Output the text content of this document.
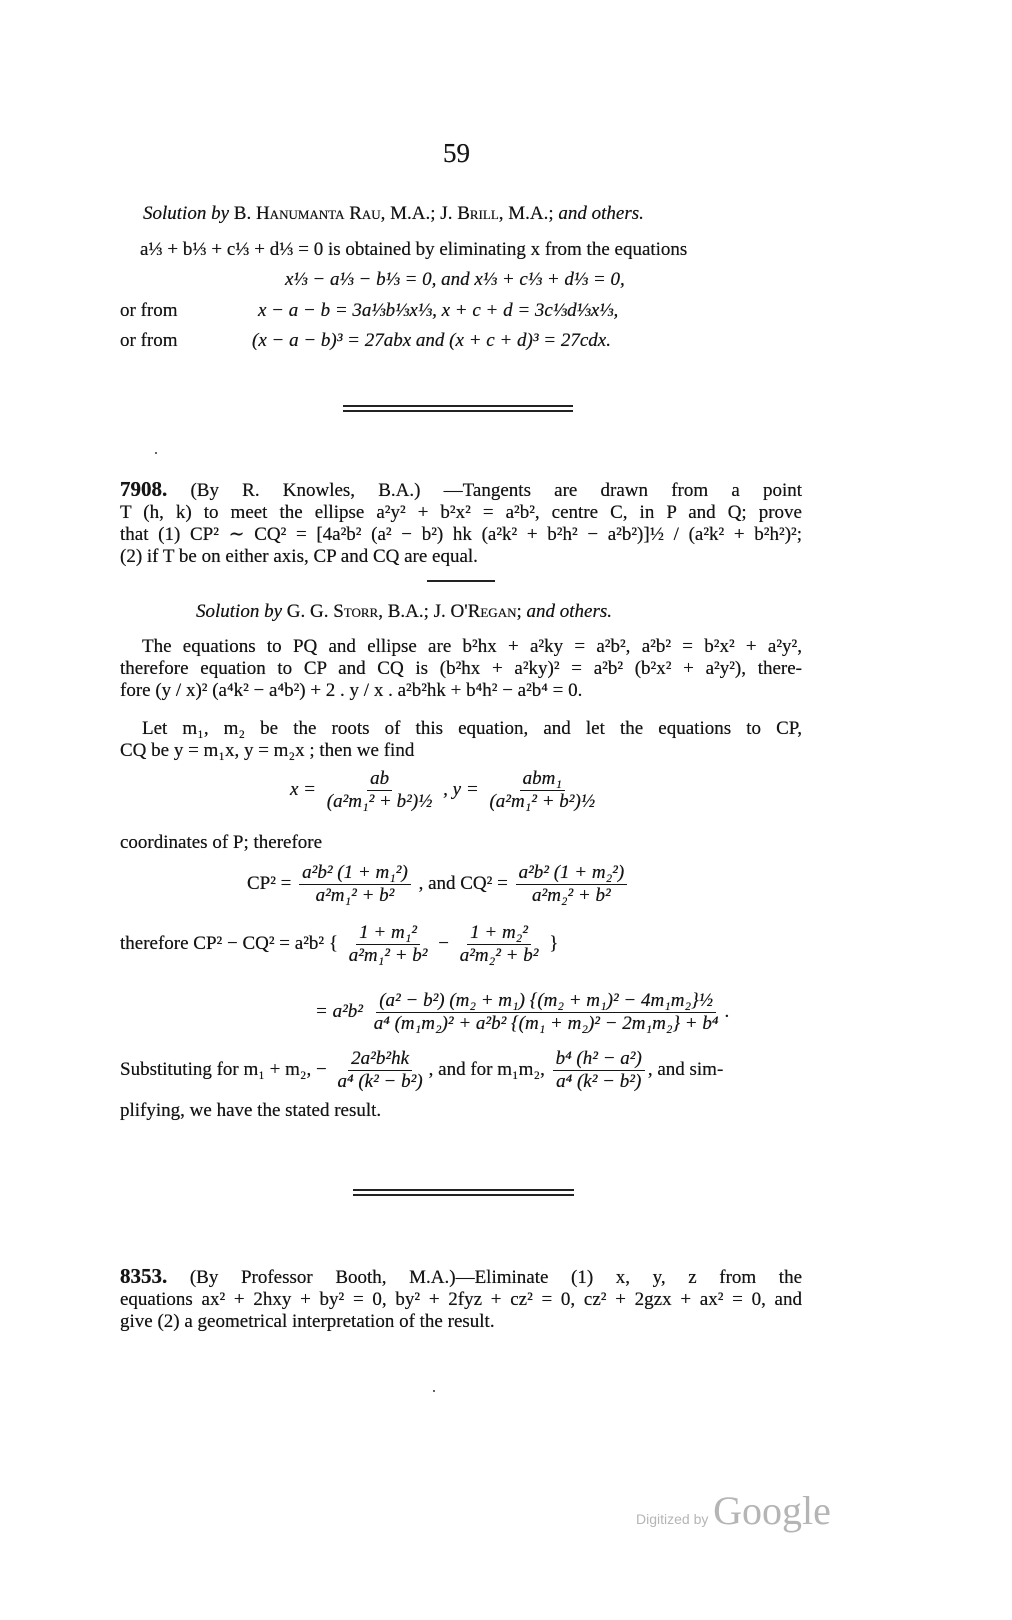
59
Solution by B. Hanumanta Rau, M.A.; J. Brill, M.A.; and others.
a⅓ + b⅓ + c⅓ + d⅓ = 0 is obtained by eliminating x from the equations
x⅓ − a⅓ − b⅓ = 0, and x⅓ + c⅓ + d⅓ = 0,
or from	x − a − b = 3a⅓b⅓x⅓, x + c + d = 3c⅓d⅓x⅓,
or from	(x − a − b)³ = 27abx and (x + c + d)³ = 27cdx.
7908. (By R. Knowles, B.A.) —Tangents are drawn from a point
T (h, k) to meet the ellipse a²y² + b²x² = a²b², centre C, in P and Q; prove
that (1) CP² ∼ CQ² = [4a²b² (a² − b²) hk (a²k² + b²h² − a²b²)]½ / (a²k² + b²h²)²;
(2) if T be on either axis, CP and CQ are equal.
Solution by G. G. Storr, B.A.; J. O'Regan; and others.
The equations to PQ and ellipse are b²hx + a²ky = a²b², a²b² = b²x² + a²y²,
therefore equation to CP and CQ is (b²hx + a²ky)² = a²b² (b²x² + a²y²), there-
fore (y / x)² (a⁴k² − a⁴b²) + 2 . y / x . a²b²hk + b⁴h² − a²b⁴ = 0.
Let m₁, m₂ be the roots of this equation, and let the equations to CP,
CQ be y = m₁x, y = m₂x ; then we find
$x = \frac{ab}{\text{(a²m₁² + b²)½}}$ , $y = \frac{\text{abm₁}}{\text{(a²m₁² + b²)½}}$
coordinates of P; therefore
$CP^2 = \frac{\text{a²b² (1 + m₁²)}}{\text{a²m₁² + b²}}$ , and $CQ^2 = \frac{\text{a²b² (1 + m₂²)}}{\text{a²m₂² + b²}}$
therefore CP² − CQ² = a²b² { $\frac{\text{1 + m₁²}}{\text{a²m₁² + b²}} - \frac{\text{1 + m₂²}}{\text{a²m₂² + b²}}$ }
= $a^2b^2 \frac{\text{(a² − b²) (m₂ + m₁) \{(m₂ + m₁)² − 4m₁m₂\}½}}{\text{a⁴ (m₁m₂)² + a²b² \{(m₁ + m₂)² − 2m₁m₂\} + b⁴}}$ .
Substituting for m₁ + m₂, − $\frac{\text{2a²b²hk}}{\text{a⁴ (k² − b²)}}$ , and for m₁m₂, $\frac{\text{b⁴ (h² − a²)}}{\text{a⁴ (k² − b²)}}$ , and sim-
plifying, we have the stated result.
8353. (By Professor Booth, M.A.)—Eliminate (1) x, y, z from the
equations ax² + 2hxy + by² = 0, by² + 2fyz + cz² = 0, cz² + 2gzx + ax² = 0, and
give (2) a geometrical interpretation of the result.
Digitized by Google
